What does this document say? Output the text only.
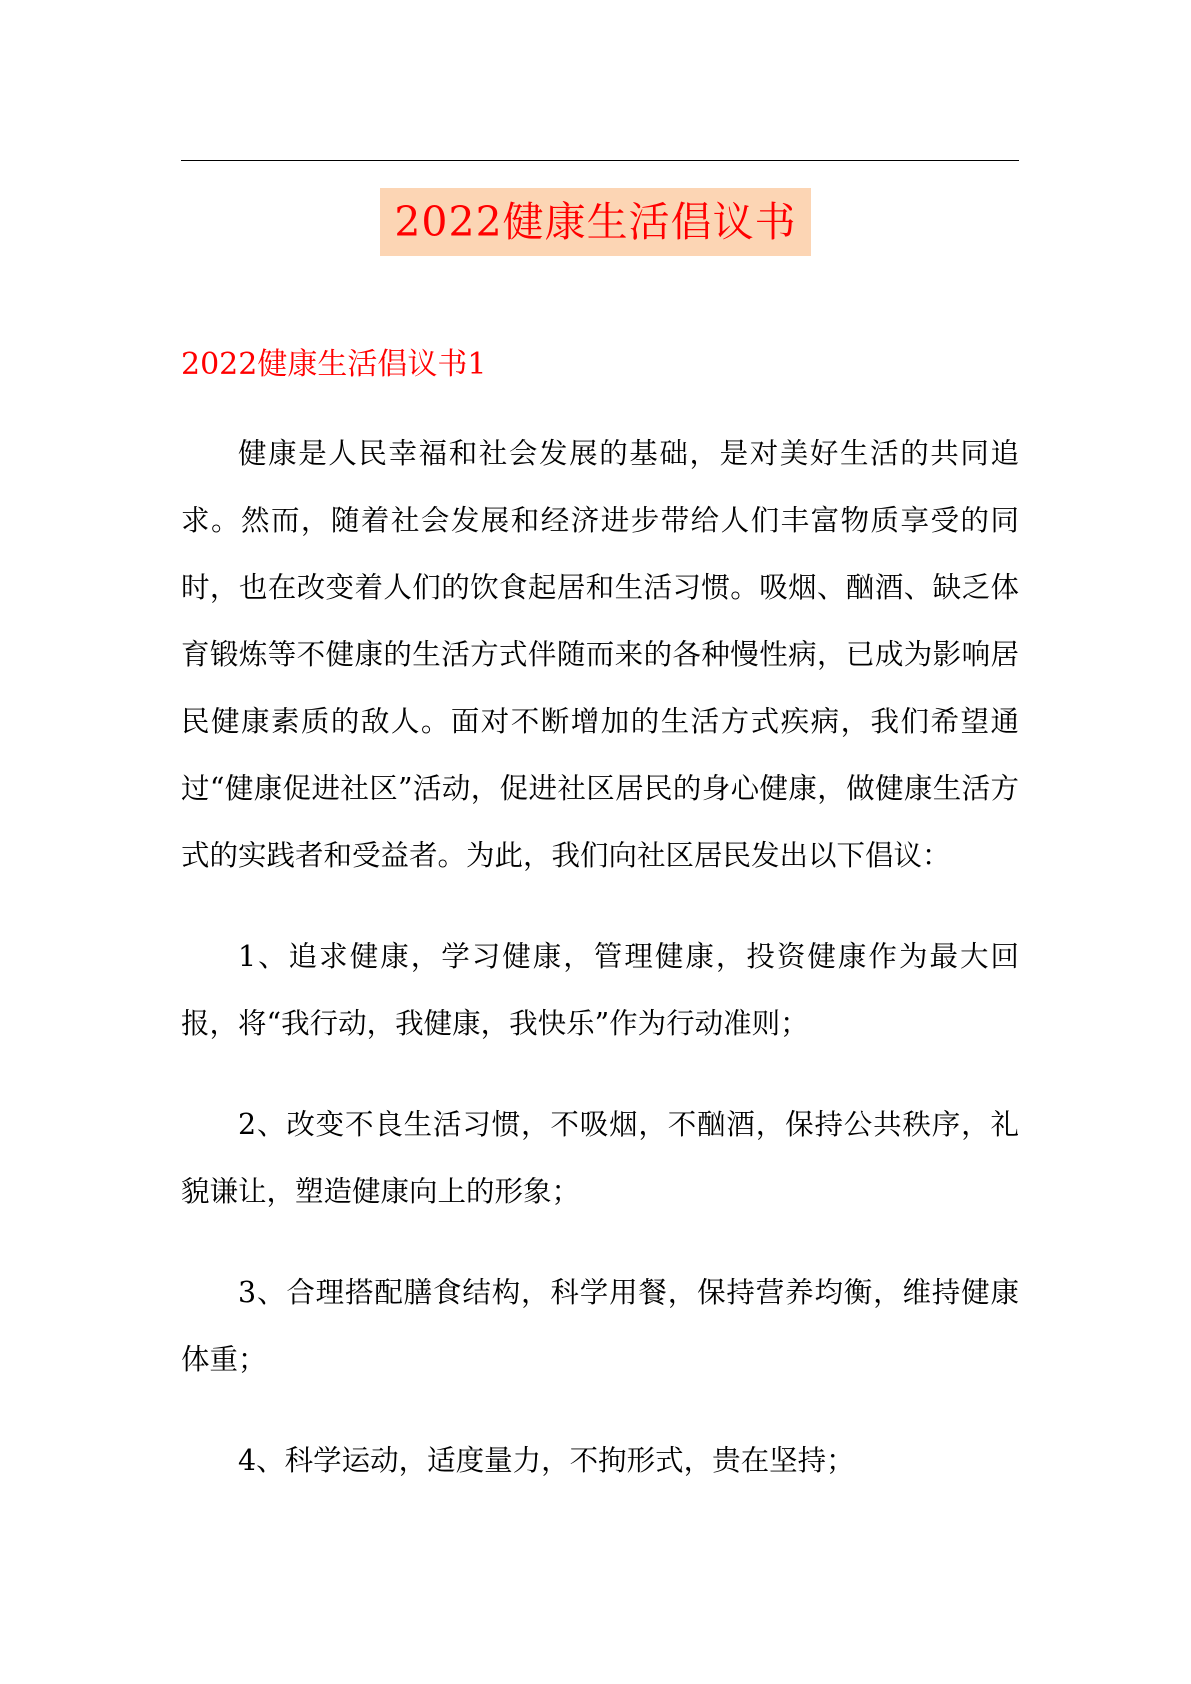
2022健康生活倡议书
2022健康生活倡议书1

健康是人民幸福和社会发展的基础，是对美好生活的共同追求。然而，随着社会发展和经济进步带给人们丰富物质享受的同时，也在改变着人们的饮食起居和生活习惯。吸烟、酗酒、缺乏体育锻炼等不健康的生活方式伴随而来的各种慢性病，已成为影响居民健康素质的敌人。面对不断增加的生活方式疾病，我们希望通过“健康促进社区”活动，促进社区居民的身心健康，做健康生活方式的实践者和受益者。为此，我们向社区居民发出以下倡议：

1、追求健康，学习健康，管理健康，投资健康作为最大回报，将“我行动，我健康，我快乐”作为行动准则；

2、改变不良生活习惯，不吸烟，不酗酒，保持公共秩序，礼貌谦让，塑造健康向上的形象；

3、合理搭配膳食结构，科学用餐，保持营养均衡，维持健康体重；

4、科学运动，适度量力，不拘形式，贵在坚持；
